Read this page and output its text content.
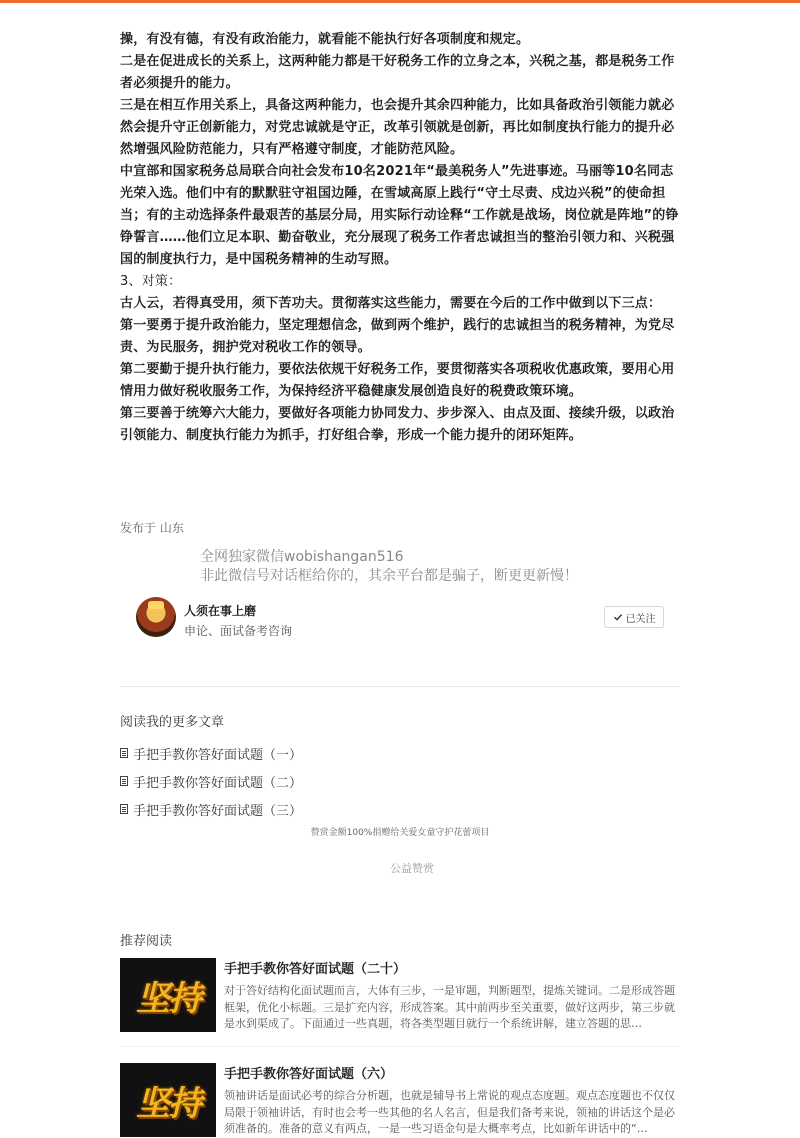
操，有没有德，有没有政治能力，就看能不能执行好各项制度和规定。

二是在促进成长的关系上，这两种能力都是干好税务工作的立身之本，兴税之基，都是税务工作者必须提升的能力。

三是在相互作用关系上，具备这两种能力，也会提升其余四种能力，比如具备政治引领能力就必然会提升守正创新能力，对党忠诚就是守正，改革引领就是创新，再比如制度执行能力的提升必然增强风险防范能力，只有严格遵守制度，才能防范风险。

中宣部和国家税务总局联合向社会发布10名2021年“最美税务人”先进事迹。马丽等10名同志光荣入选。他们中有的默默驻守祖国边陲，在雪域高原上践行“守土尽责、戍边兴税”的使命担当；有的主动选择条件最艰苦的基层分局，用实际行动诠释“工作就是战场，岗位就是阵地”的铮铮誓言……他们立足本职、勤奋敬业，充分展现了税务工作者忠诚担当的整治引领力和、兴税强国的制度执行力，是中国税务精神的生动写照。

3、对策：

古人云，若得真受用，须下苦功夫。贯彻落实这些能力，需要在今后的工作中做到以下三点：

第一要勇于提升政治能力，坚定理想信念，做到两个维护，践行的忠诚担当的税务精神，为党尽责、为民服务，拥护党对税收工作的领导。

第二要勤于提升执行能力，要依法依规干好税务工作，要贯彻落实各项税收优惠政策，要用心用情用力做好税收服务工作，为保持经济平稳健康发展创造良好的税费政策环境。

第三要善于统筹六大能力，要做好各项能力协同发力、步步深入、由点及面、接续升级，以政治引领能力、制度执行能力为抓手，打好组合拳，形成一个能力提升的闭环矩阵。

发布于 山东
全网独家微信wobishangan516
非此微信号对话框给你的，其余平台都是骗子，断更更新慢！
人须在事上磨
申论、面试备考咨询
已关注
阅读我的更多文章
手把手教你答好面试题（一）
手把手教你答好面试题（二）
手把手教你答好面试题（三）
赞赏金额100%捐赠给关爱女童守护花蕾项目
公益赞赏
推荐阅读
坚持
手把手教你答好面试题（二十）
对于答好结构化面试题而言，大体有三步，一是审题，判断题型，提炼关键词。二是形成答题框架，优化小标题。三是扩充内容，形成答案。其中前两步至关重要，做好这两步，第三步就是水到渠成了。下面通过一些真题，将各类型题目就行一个系统讲解，建立答题的思…
坚持
手把手教你答好面试题（六）
领袖讲话是面试必考的综合分析题，也就是辅导书上常说的观点态度题。观点态度题也不仅仅局限于领袖讲话，有时也会考一些其他的名人名言，但是我们备考来说，领袖的讲话这个是必须准备的。准备的意义有两点，一是一些习语金句是大概率考点，比如新年讲话中的“…
